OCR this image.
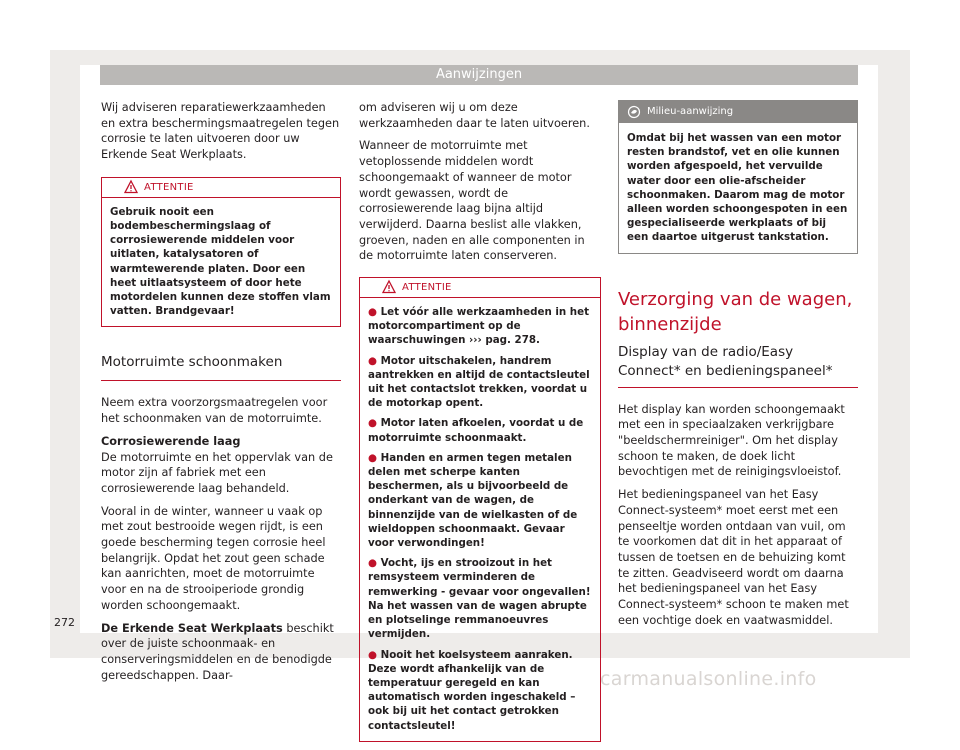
Aanwijzingen

Wij adviseren reparatiewerkzaamheden en extra beschermingsmaatregelen tegen corrosie te laten uitvoeren door uw Erkende Seat Werkplaats.

ATTENTIE
Gebruik nooit een bodembeschermingslaag of corrosiewerende middelen voor uitlaten, katalysatoren of warmtewerende platen. Door een heet uitlaatsysteem of door hete motordelen kunnen deze stoffen vlam vatten. Brandgevaar!
Motorruimte schoonmaken

Neem extra voorzorgsmaatregelen voor het schoonmaken van de motorruimte.

Corrosiewerende laag

De motorruimte en het oppervlak van de motor zijn af fabriek met een corrosiewerende laag behandeld.

Vooral in de winter, wanneer u vaak op met zout bestrooide wegen rijdt, is een goede bescherming tegen corrosie heel belangrijk. Opdat het zout geen schade kan aanrichten, moet de motorruimte voor en na de strooiperiode grondig worden schoongemaakt.

De Erkende Seat Werkplaats beschikt over de juiste schoonmaak- en conserveringsmiddelen en de benodigde gereedschappen. Daar-

om adviseren wij u om deze werkzaamheden daar te laten uitvoeren.

Wanneer de motorruimte met vetoplossende middelen wordt schoongemaakt of wanneer de motor wordt gewassen, wordt de corrosiewerende laag bijna altijd verwijderd. Daarna beslist alle vlakken, groeven, naden en alle componenten in de motorruimte laten conserveren.

ATTENTIE
● Let vóór alle werkzaamheden in het motorcompartiment op de waarschuwingen ››› pag. 278.
● Motor uitschakelen, handrem aantrekken en altijd de contactsleutel uit het contactslot trekken, voordat u de motorkap opent.
● Motor laten afkoelen, voordat u de motorruimte schoonmaakt.
● Handen en armen tegen metalen delen met scherpe kanten beschermen, als u bijvoorbeeld de onderkant van de wagen, de binnenzijde van de wielkasten of de wieldoppen schoonmaakt. Gevaar voor verwondingen!
● Vocht, ijs en strooizout in het remsysteem verminderen de remwerking - gevaar voor ongevallen! Na het wassen van de wagen abrupte en plotselinge remmanoeuvres vermijden.
● Nooit het koelsysteem aanraken. Deze wordt afhankelijk van de temperatuur geregeld en kan automatisch worden ingeschakeld – ook bij uit het contact getrokken contactsleutel!
Milieu-aanwijzing
Omdat bij het wassen van een motor resten brandstof, vet en olie kunnen worden afgespoeld, het vervuilde water door een olie-afscheider schoonmaken. Daarom mag de motor alleen worden schoongespoten in een gespecialiseerde werkplaats of bij een daartoe uitgerust tankstation.
Verzorging van de wagen, binnenzijde
Display van de radio/Easy Connect* en bedieningspaneel*

Het display kan worden schoongemaakt met een in speciaalzaken verkrijgbare "beeldschermreiniger". Om het display schoon te maken, de doek licht bevochtigen met de reinigingsvloeistof.

Het bedieningspaneel van het Easy Connect-systeem* moet eerst met een penseeltje worden ontdaan van vuil, om te voorkomen dat dit in het apparaat of tussen de toetsen en de behuizing komt te zitten. Geadviseerd wordt om daarna het bedieningspaneel van het Easy Connect-systeem* schoon te maken met een vochtige doek en vaatwasmiddel.

272
carmanualsonline.info
